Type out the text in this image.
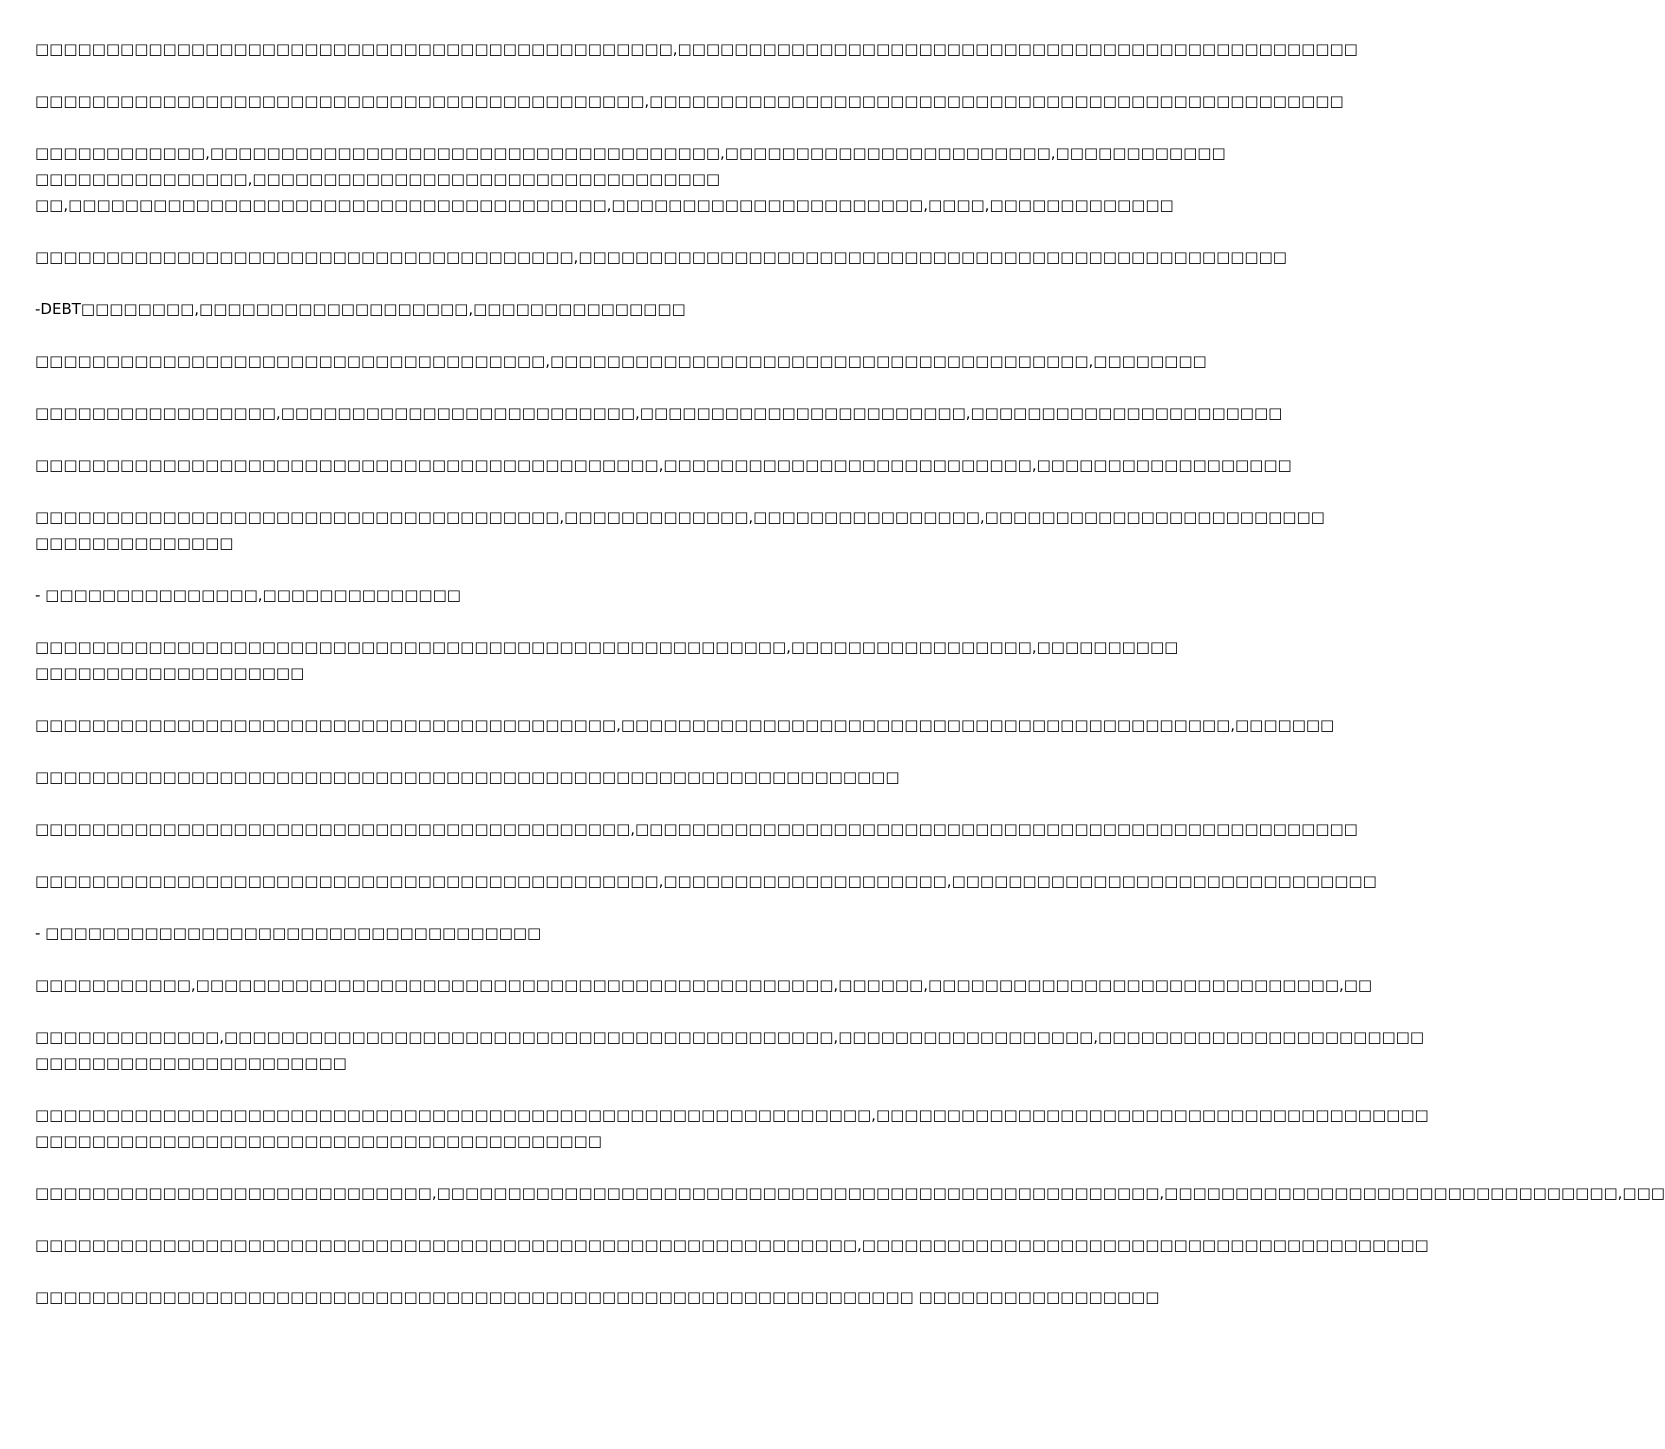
□□□□□□□□□□□□□□□□□□□□□□□□□□□□□□□□□□□□□□□□□□□□□,□□□□□□□□□□□□□□□□□□□□□□□□□□□□□□□□□□□□□□□□□□□□□□□□
□□□□□□□□□□□□□□□□□□□□□□□□□□□□□□□□□□□□□□□□□□□,□□□□□□□□□□□□□□□□□□□□□□□□□□□□□□□□□□□□□□□□□□□□□□□□□
□□□□□□□□□□□□,□□□□□□□□□□□□□□□□□□□□□□□□□□□□□□□□□□□□,□□□□□□□□□□□□□□□□□□□□□□□,□□□□□□□□□□□□
□□□□□□□□□□□□□□□,□□□□□□□□□□□□□□□□□□□□□□□□□□□□□□□□□
□□,□□□□□□□□□□□□□□□□□□□□□□□□□□□□□□□□□□□□□□,□□□□□□□□□□□□□□□□□□□□□□,□□□□,□□□□□□□□□□□□□
□□□□□□□□□□□□□□□□□□□□□□□□□□□□□□□□□□□□□□,□□□□□□□□□□□□□□□□□□□□□□□□□□□□□□□□□□□□□□□□□□□□□□□□□□
-DEBT□□□□□□□□,□□□□□□□□□□□□□□□□□□□,□□□□□□□□□□□□□□□
□□□□□□□□□□□□□□□□□□□□□□□□□□□□□□□□□□□□,□□□□□□□□□□□□□□□□□□□□□□□□□□□□□□□□□□□□□□,□□□□□□□□
□□□□□□□□□□□□□□□□□,□□□□□□□□□□□□□□□□□□□□□□□□□,□□□□□□□□□□□□□□□□□□□□□□□,□□□□□□□□□□□□□□□□□□□□□□
□□□□□□□□□□□□□□□□□□□□□□□□□□□□□□□□□□□□□□□□□□□□,□□□□□□□□□□□□□□□□□□□□□□□□□□,□□□□□□□□□□□□□□□□□□
□□□□□□□□□□□□□□□□□□□□□□□□□□□□□□□□□□□□□,□□□□□□□□□□□□□,□□□□□□□□□□□□□□□□,□□□□□□□□□□□□□□□□□□□□□□□□
□□□□□□□□□□□□□□
- □□□□□□□□□□□□□□□,□□□□□□□□□□□□□□
□□□□□□□□□□□□□□□□□□□□□□□□□□□□□□□□□□□□□□□□□□□□□□□□□□□□□,□□□□□□□□□□□□□□□□□,□□□□□□□□□□
□□□□□□□□□□□□□□□□□□□
□□□□□□□□□□□□□□□□□□□□□□□□□□□□□□□□□□□□□□□□□,□□□□□□□□□□□□□□□□□□□□□□□□□□□□□□□□□□□□□□□□□□□,□□□□□□□
□□□□□□□□□□□□□□□□□□□□□□□□□□□□□□□□□□□□□□□□□□□□□□□□□□□□□□□□□□□□□
□□□□□□□□□□□□□□□□□□□□□□□□□□□□□□□□□□□□□□□□□□,□□□□□□□□□□□□□□□□□□□□□□□□□□□□□□□□□□□□□□□□□□□□□□□□□□□
□□□□□□□□□□□□□□□□□□□□□□□□□□□□□□□□□□□□□□□□□□□□,□□□□□□□□□□□□□□□□□□□□,□□□□□□□□□□□□□□□□□□□□□□□□□□□□□□
- □□□□□□□□□□□□□□□□□□□□□□□□□□□□□□□□□□□
□□□□□□□□□□□,□□□□□□□□□□□□□□□□□□□□□□□□□□□□□□□□□□□□□□□□□□□□□,□□□□□□,□□□□□□□□□□□□□□□□□□□□□□□□□□□□□,□□
□□□□□□□□□□□□□,□□□□□□□□□□□□□□□□□□□□□□□□□□□□□□□□□□□□□□□□□□□,□□□□□□□□□□□□□□□□□□,□□□□□□□□□□□□□□□□□□□□□□□
□□□□□□□□□□□□□□□□□□□□□□
□□□□□□□□□□□□□□□□□□□□□□□□□□□□□□□□□□□□□□□□□□□□□□□□□□□□□□□□□□□,□□□□□□□□□□□□□□□□□□□□□□□□□□□□□□□□□□□□□□□
□□□□□□□□□□□□□□□□□□□□□□□□□□□□□□□□□□□□□□□□
□□□□□□□□□□□□□□□□□□□□□□□□□□□□,□□□□□□□□□□□□□□□□□□□□□□□□□□□□□□□□□□□□□□□□□□□□□□□□□□□,□□□□□□□□□□□□□□□□□□□□□□□□□□□□□□□□,□□□
□□□□□□□□□□□□□□□□□□□□□□□□□□□□□□□□□□□□□□□□□□□□□□□□□□□□□□□□□□,□□□□□□□□□□□□□□□□□□□□□□□□□□□□□□□□□□□□□□□□
□□□□□□□□□□□□□□□□□□□□□□□□□□□□□□□□□□□□□□□□□□□□□□□□□□□□□□□□□□□□□□ □□□□□□□□□□□□□□□□□
